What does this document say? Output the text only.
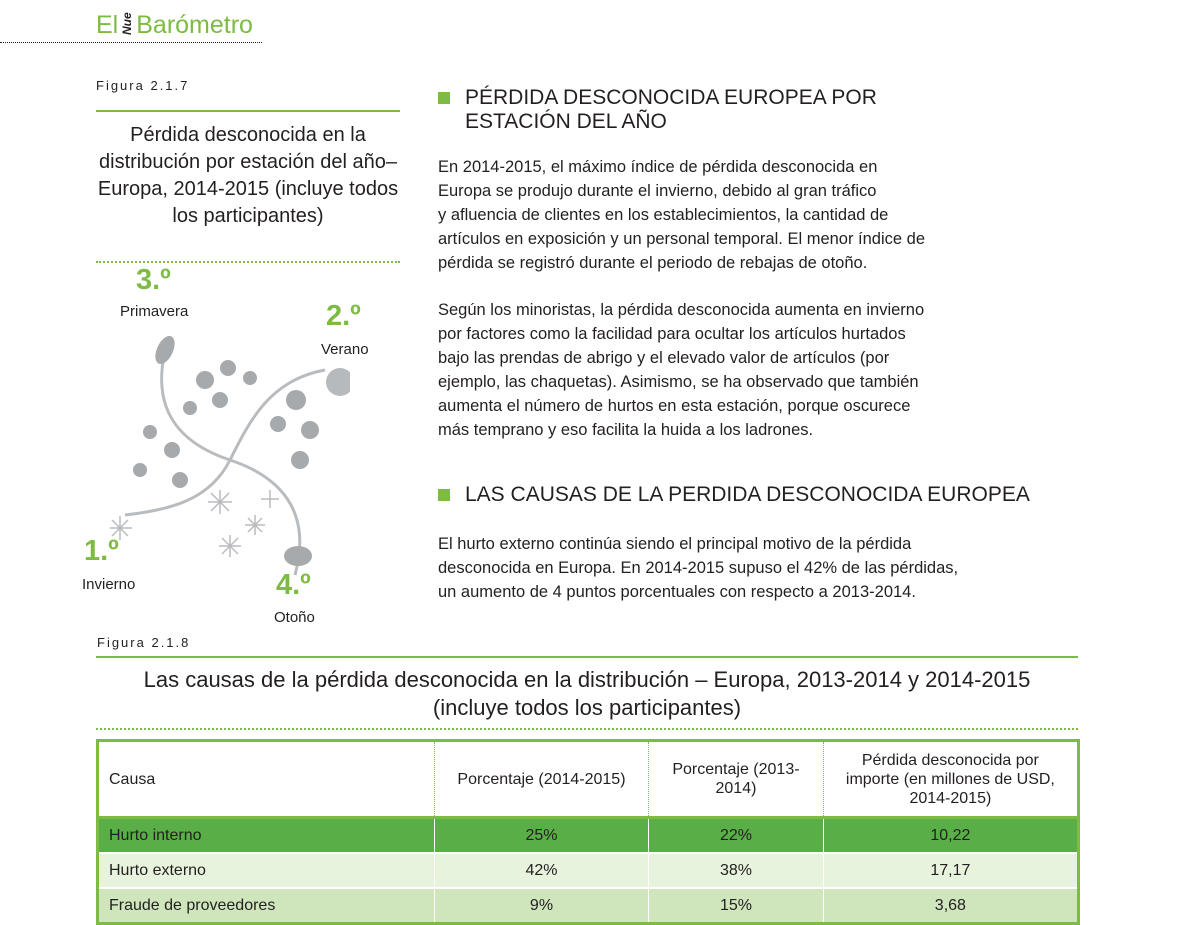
El Nue Barómetro
Figura 2.1.7
Pérdida desconocida en la distribución por estación del año– Europa, 2014-2015 (incluye todos los participantes)
3.º
Primavera	2.º
Verano
1.º
Invierno	4.º
Otoño
PÉRDIDA DESCONOCIDA EUROPEA POR
ESTACIÓN DEL AÑO
En 2014-2015, el máximo índice de pérdida desconocida en
Europa se produjo durante el invierno, debido al gran tráfico
y afluencia de clientes en los establecimientos, la cantidad de
artículos en exposición y un personal temporal. El menor índice de
pérdida se registró durante el periodo de rebajas de otoño.
Según los minoristas, la pérdida desconocida aumenta en invierno
por factores como la facilidad para ocultar los artículos hurtados
bajo las prendas de abrigo y el elevado valor de artículos (por
ejemplo, las chaquetas). Asimismo, se ha observado que también
aumenta el número de hurtos en esta estación, porque oscurece
más temprano y eso facilita la huida a los ladrones.
LAS CAUSAS DE LA PERDIDA DESCONOCIDA EUROPEA
El hurto externo continúa siendo el principal motivo de la pérdida
desconocida en Europa. En 2014-2015 supuso el 42% de las pérdidas,
un aumento de 4 puntos porcentuales con respecto a 2013-2014.
Figura 2.1.8
Las causas de la pérdida desconocida en la distribución – Europa, 2013-2014 y 2014-2015
(incluye todos los participantes)
Causa	Porcentaje (2014-2015)	Porcentaje (2013-2014)	Pérdida desconocida por importe (en millones de USD, 2014-2015)
Hurto interno	25%	22%	10,22
Hurto externo	42%	38%	17,17
Fraude de proveedores	9%	15%	3,68
